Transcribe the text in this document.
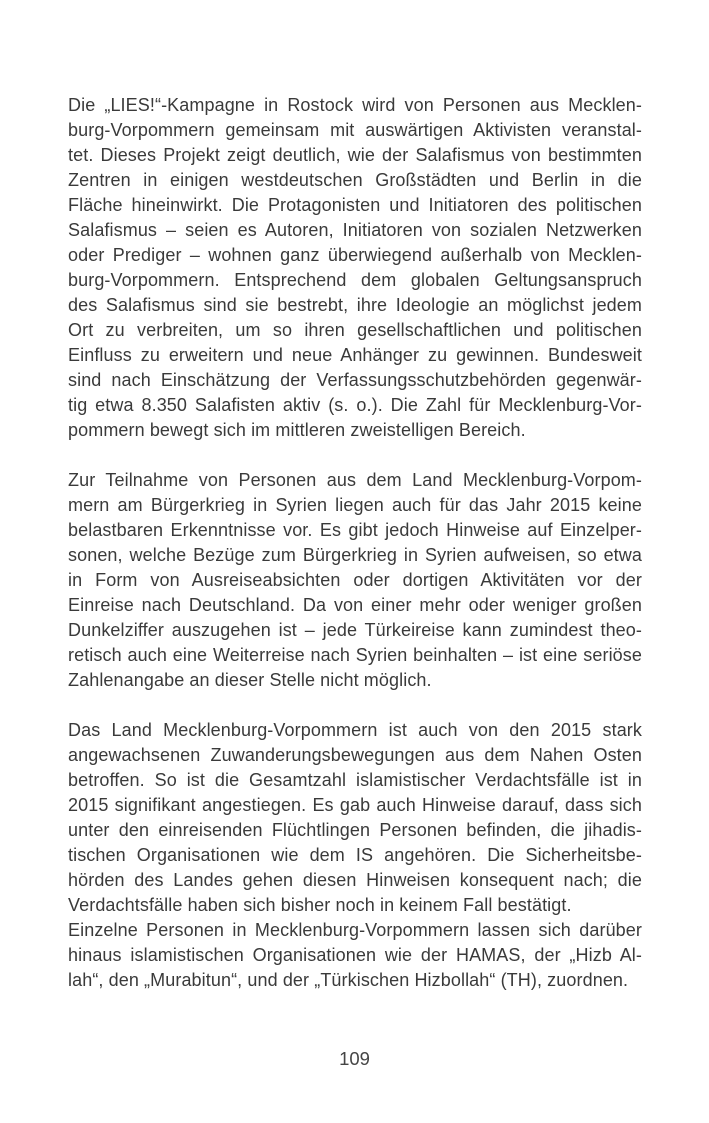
Die „LIES!“-Kampagne in Rostock wird von Personen aus Mecklen-
burg-Vorpommern gemeinsam mit auswärtigen Aktivisten veranstal-
tet. Dieses Projekt zeigt deutlich, wie der Salafismus von bestimmten
Zentren in einigen westdeutschen Großstädten und Berlin in die
Fläche hineinwirkt. Die Protagonisten und Initiatoren des politischen
Salafismus – seien es Autoren, Initiatoren von sozialen Netzwerken
oder Prediger – wohnen ganz überwiegend außerhalb von Mecklen-
burg-Vorpommern. Entsprechend dem globalen Geltungsanspruch
des Salafismus sind sie bestrebt, ihre Ideologie an möglichst jedem
Ort zu verbreiten, um so ihren gesellschaftlichen und politischen
Einfluss zu erweitern und neue Anhänger zu gewinnen. Bundesweit
sind nach Einschätzung der Verfassungsschutzbehörden gegenwär-
tig etwa 8.350 Salafisten aktiv (s. o.). Die Zahl für Mecklenburg-Vor-
pommern bewegt sich im mittleren zweistelligen Bereich.

Zur Teilnahme von Personen aus dem Land Mecklenburg-Vorpom-
mern am Bürgerkrieg in Syrien liegen auch für das Jahr 2015 keine
belastbaren Erkenntnisse vor. Es gibt jedoch Hinweise auf Einzelper-
sonen, welche Bezüge zum Bürgerkrieg in Syrien aufweisen, so etwa
in Form von Ausreiseabsichten oder dortigen Aktivitäten vor der
Einreise nach Deutschland. Da von einer mehr oder weniger großen
Dunkelziffer auszugehen ist – jede Türkeireise kann zumindest theo-
retisch auch eine Weiterreise nach Syrien beinhalten – ist eine seriöse
Zahlenangabe an dieser Stelle nicht möglich.

Das Land Mecklenburg-Vorpommern ist auch von den 2015 stark
angewachsenen Zuwanderungsbewegungen aus dem Nahen Osten
betroffen. So ist die Gesamtzahl islamistischer Verdachtsfälle ist in
2015 signifikant angestiegen. Es gab auch Hinweise darauf, dass sich
unter den einreisenden Flüchtlingen Personen befinden, die jihadis-
tischen Organisationen wie dem IS angehören. Die Sicherheitsbe-
hörden des Landes gehen diesen Hinweisen konsequent nach; die
Verdachtsfälle haben sich bisher noch in keinem Fall bestätigt.
Einzelne Personen in Mecklenburg-Vorpommern lassen sich darüber
hinaus islamistischen Organisationen wie der HAMAS, der „Hizb Al-
lah“, den „Murabitun“, und der „Türkischen Hizbollah“ (TH), zuordnen.

109
